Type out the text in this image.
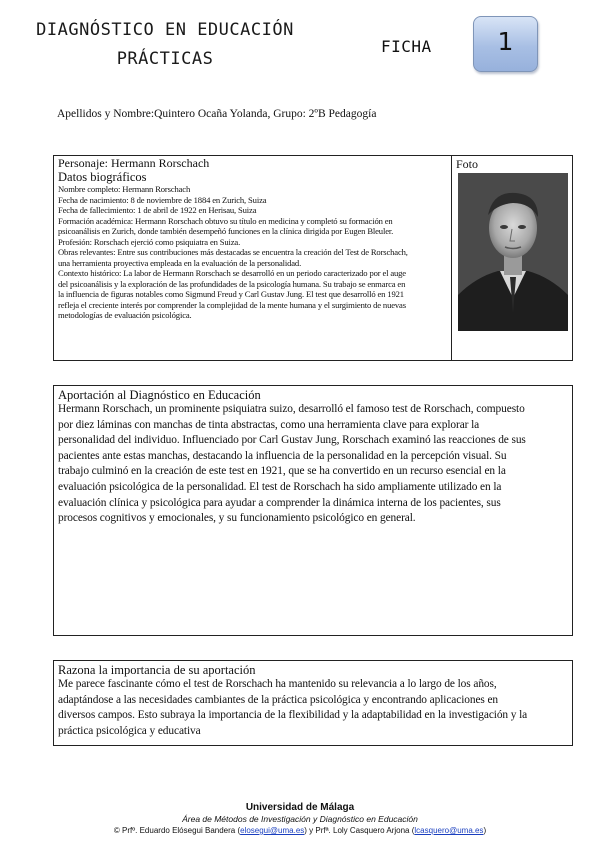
DIAGNÓSTICO EN EDUCACIÓN
PRÁCTICAS
FICHA	1
Apellidos y Nombre:Quintero Ocaña Yolanda, Grupo: 2ºB Pedagogía
Personaje: Hermann Rorschach
Datos biográficos
Nombre completo: Hermann Rorschach
Fecha de nacimiento: 8 de noviembre de 1884 en Zurich, Suiza
Fecha de fallecimiento: 1 de abril de 1922 en Herisau, Suiza
Formación académica: Hermann Rorschach obtuvo su título en medicina y completó su formación en
psicoanálisis en Zurich, donde también desempeñó funciones en la clínica dirigida por Eugen Bleuler.
Profesión: Rorschach ejerció como psiquiatra en Suiza.
Obras relevantes: Entre sus contribuciones más destacadas se encuentra la creación del Test de Rorschach,
una herramienta proyectiva empleada en la evaluación de la personalidad.
Contexto histórico: La labor de Hermann Rorschach se desarrolló en un periodo caracterizado por el auge
del psicoanálisis y la exploración de las profundidades de la psicología humana. Su trabajo se enmarca en
la influencia de figuras notables como Sigmund Freud y Carl Gustav Jung. El test que desarrolló en 1921
refleja el creciente interés por comprender la complejidad de la mente humana y el surgimiento de nuevas
metodologías de evaluación psicológica.
Foto
Aportación al Diagnóstico en Educación
Hermann Rorschach, un prominente psiquiatra suizo, desarrolló el famoso test de Rorschach, compuesto
por diez láminas con manchas de tinta abstractas, como una herramienta clave para explorar la
personalidad del individuo. Influenciado por Carl Gustav Jung, Rorschach examinó las reacciones de sus
pacientes ante estas manchas, destacando la influencia de la personalidad en la percepción visual. Su
trabajo culminó en la creación de este test en 1921, que se ha convertido en un recurso esencial en la
evaluación psicológica de la personalidad. El test de Rorschach ha sido ampliamente utilizado en la
evaluación clínica y psicológica para ayudar a comprender la dinámica interna de los pacientes, sus
procesos cognitivos y emocionales, y su funcionamiento psicológico en general.
Razona la importancia de su aportación
Me parece fascinante cómo el test de Rorschach ha mantenido su relevancia a lo largo de los años,
adaptándose a las necesidades cambiantes de la práctica psicológica y encontrando aplicaciones en
diversos campos. Esto subraya la importancia de la flexibilidad y la adaptabilidad en la investigación y la
práctica psicológica y educativa
Universidad de Málaga
Área de Métodos de Investigación y Diagnóstico en Educación
© Prfº. Eduardo Elósegui Bandera (elosegui@uma.es) y Prfª. Loly Casquero Arjona (lcasquero@uma.es)
